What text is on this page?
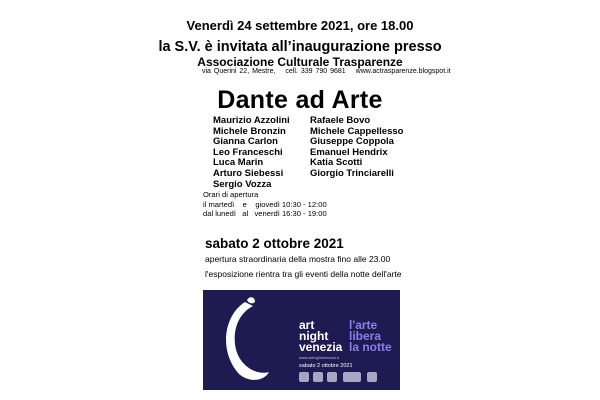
Venerdì 24 settembre 2021, ore 18.00
la S.V. è invitata all’inaugurazione presso
Associazione Culturale Trasparenze
via Querini 22, Mestre, cell. 339 790 9681 www.actrasparenze.blogspot.it
Dante ad Arte
Maurizio Azzolini
Michele Bronzin
Gianna Carlon
Leo Franceschi
Luca Marin
Arturo Siebessi
Sergio Vozza
Rafaele Bovo
Michele Cappellesso
Giuseppe Coppola
Emanuel Hendrix
Katia Scotti
Giorgio Trinciarelli
Orari di apertura
il martedì    e    giovedì 10:30 - 12:00
dal lunedì   al   venerdì 16:30 - 19:00
sabato 2 ottobre 2021
apertura straordinaria della mostra fino alle 23.00
l'esposizione rientra tra gli eventi della notte dell'arte
art
night
venezia
www.artnightvenezia.it
l'arte
libera
la notte
sabato 2 ottobre 2021
